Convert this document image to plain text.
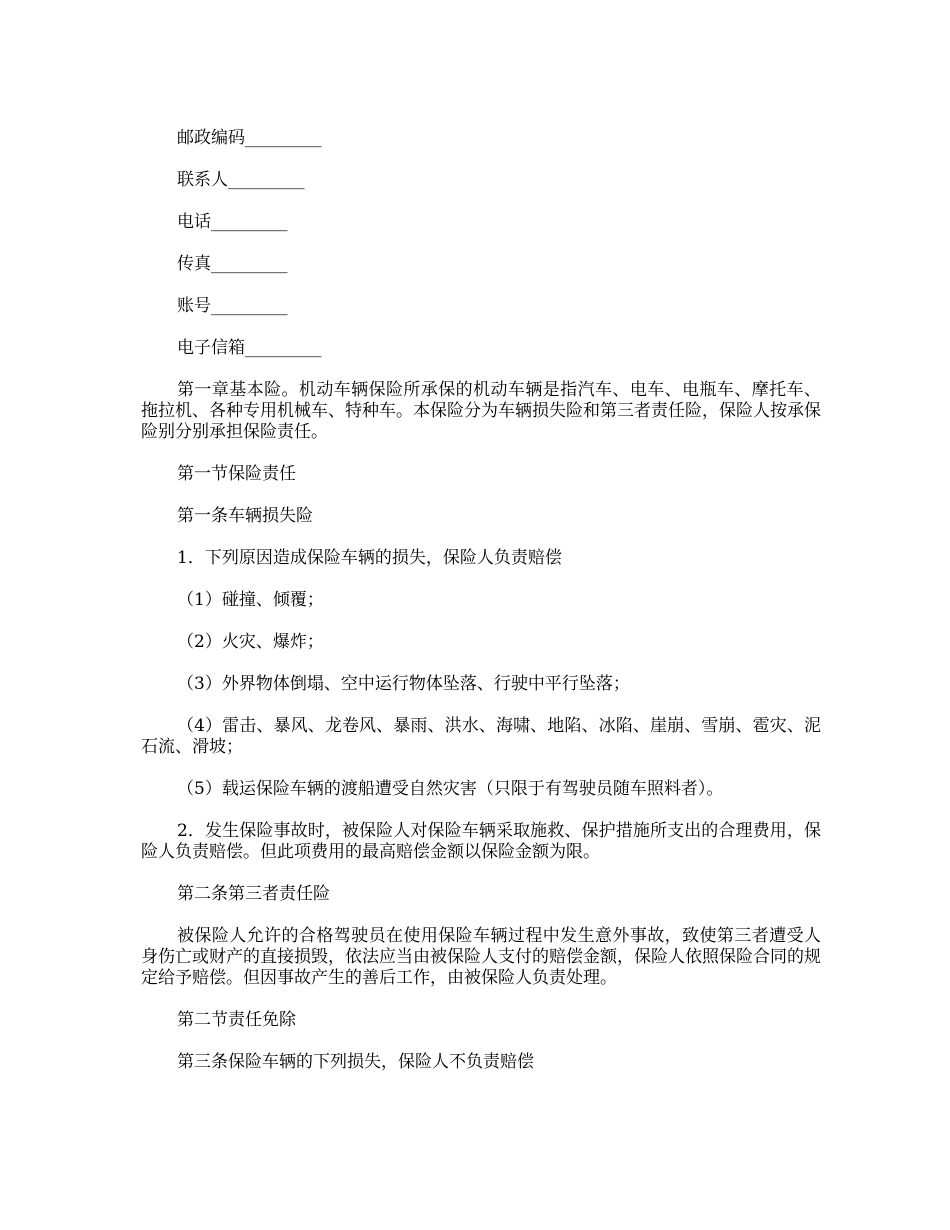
邮政编码_________
联系人_________
电话_________
传真_________
账号_________
电子信箱_________

第一章基本险。机动车辆保险所承保的机动车辆是指汽车、电车、电瓶车、摩托车、拖拉机、各种专用机械车、特种车。本保险分为车辆损失险和第三者责任险，保险人按承保险别分别承担保险责任。

第一节保险责任

第一条车辆损失险

1．下列原因造成保险车辆的损失，保险人负责赔偿

（1）碰撞、倾覆；

（2）火灾、爆炸；

（3）外界物体倒塌、空中运行物体坠落、行驶中平行坠落；

（4）雷击、暴风、龙卷风、暴雨、洪水、海啸、地陷、冰陷、崖崩、雪崩、雹灾、泥石流、滑坡；

（5）载运保险车辆的渡船遭受自然灾害（只限于有驾驶员随车照料者）。

2．发生保险事故时，被保险人对保险车辆采取施救、保护措施所支出的合理费用，保险人负责赔偿。但此项费用的最高赔偿金额以保险金额为限。

第二条第三者责任险

被保险人允许的合格驾驶员在使用保险车辆过程中发生意外事故，致使第三者遭受人身伤亡或财产的直接损毁，依法应当由被保险人支付的赔偿金额，保险人依照保险合同的规定给予赔偿。但因事故产生的善后工作，由被保险人负责处理。

第二节责任免除

第三条保险车辆的下列损失，保险人不负责赔偿
